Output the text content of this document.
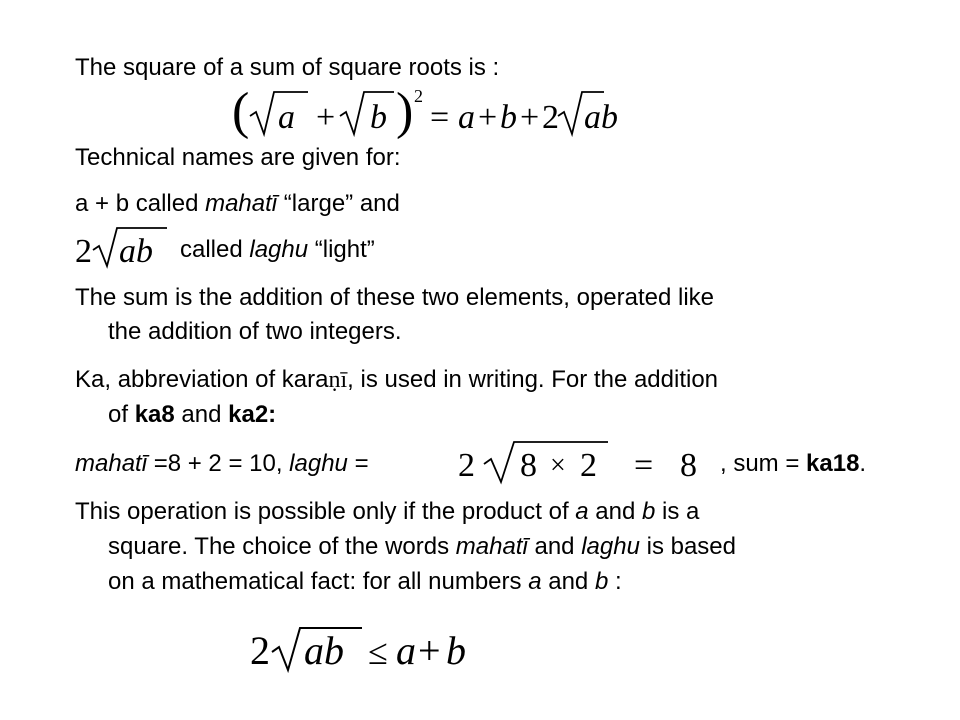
The square of a sum of square roots is :
( a + b ) 2
= a + b + 2 ab
Technical names are given for:
a + b called mahatī “large” and
2 ab called laghu “light”
The sum is the addition of these two elements, operated like
the addition of two integers.
Ka, abbreviation of karaṇī, is used in writing. For the addition
of ka8 and ka2:
mahatī =8 + 2 = 10, laghu =	2 8 × 2 = 8 , sum = ka18.
This operation is possible only if the product of a and b is a
square. The choice of the words mahatī and laghu is based
on a mathematical fact: for all numbers a and b :
2 ab ≤ a + b
